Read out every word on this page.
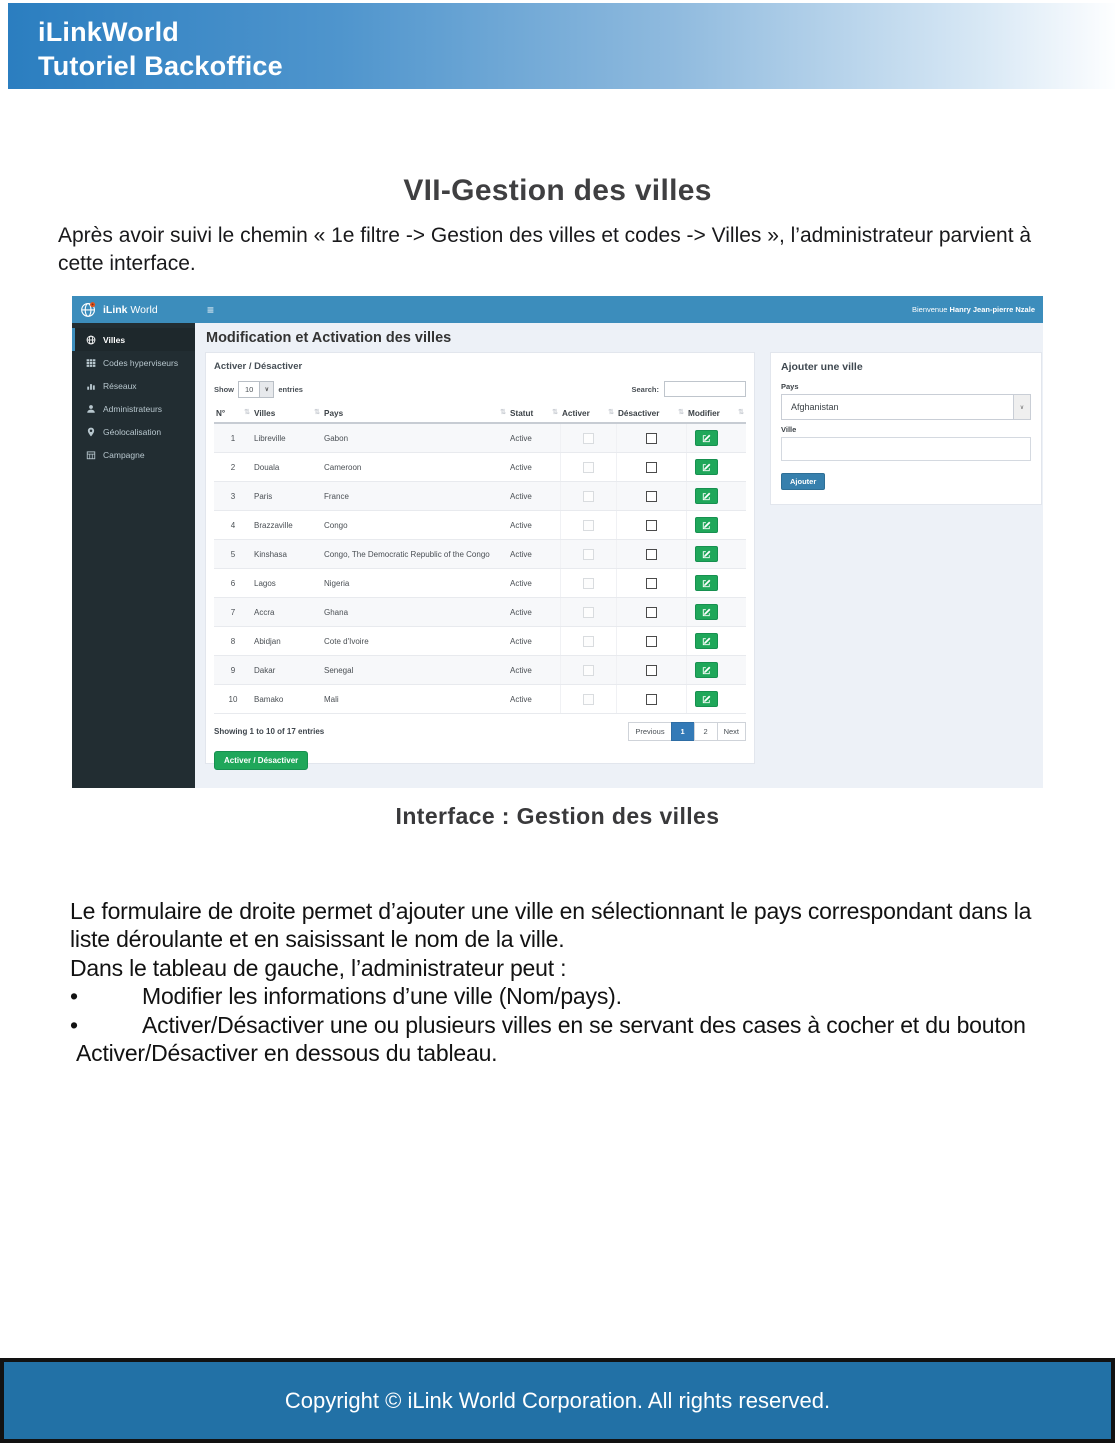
iLinkWorld
Tutoriel Backoffice
VII-Gestion des villes

Après avoir suivi le chemin « 1e filtre -> Gestion des villes et codes -> Villes », l’administrateur parvient à cette interface.

iLink World	≡	Bienvenue Hanry Jean-pierre Nzale
Villes
Codes hyperviseurs
Réseaux
Administrateurs
Géolocalisation
Campagne
Modification et Activation des villes
Activer / Désactiver
Show	10	∨	entries	Search:
N° ⇅	Villes ⇅	Pays ⇅	Statut ⇅	Activer ⇅	Désactiver ⇅	Modifier ⇅

1	Libreville	Gabon	Active	

2	Douala	Cameroon	Active	

3	Paris	France	Active	

4	Brazzaville	Congo	Active	

5	Kinshasa	Congo, The Democratic Republic of the Congo	Active	

6	Lagos	Nigeria	Active	

7	Accra	Ghana	Active	

8	Abidjan	Cote d'Ivoire	Active	

9	Dakar	Senegal	Active	

10	Bamako	Mali	Active	

Showing 1 to 10 of 17 entries	Previous	1	2	Next
Activer / Désactiver
Ajouter une ville
Pays
Afghanistan	∨
Ville
Ajouter
Interface : Gestion des villes
Le formulaire de droite permet d’ajouter une ville en sélectionnant le pays correspondant dans la
liste déroulante et en saisissant le nom de la ville.
Dans le tableau de gauche, l’administrateur peut :
•	Modifier les informations d’une ville (Nom/pays).
•	Activer/Désactiver une ou plusieurs villes en se servant des cases à cocher et du bouton
Activer/Désactiver en dessous du tableau.
Copyright © iLink World Corporation. All rights reserved.
